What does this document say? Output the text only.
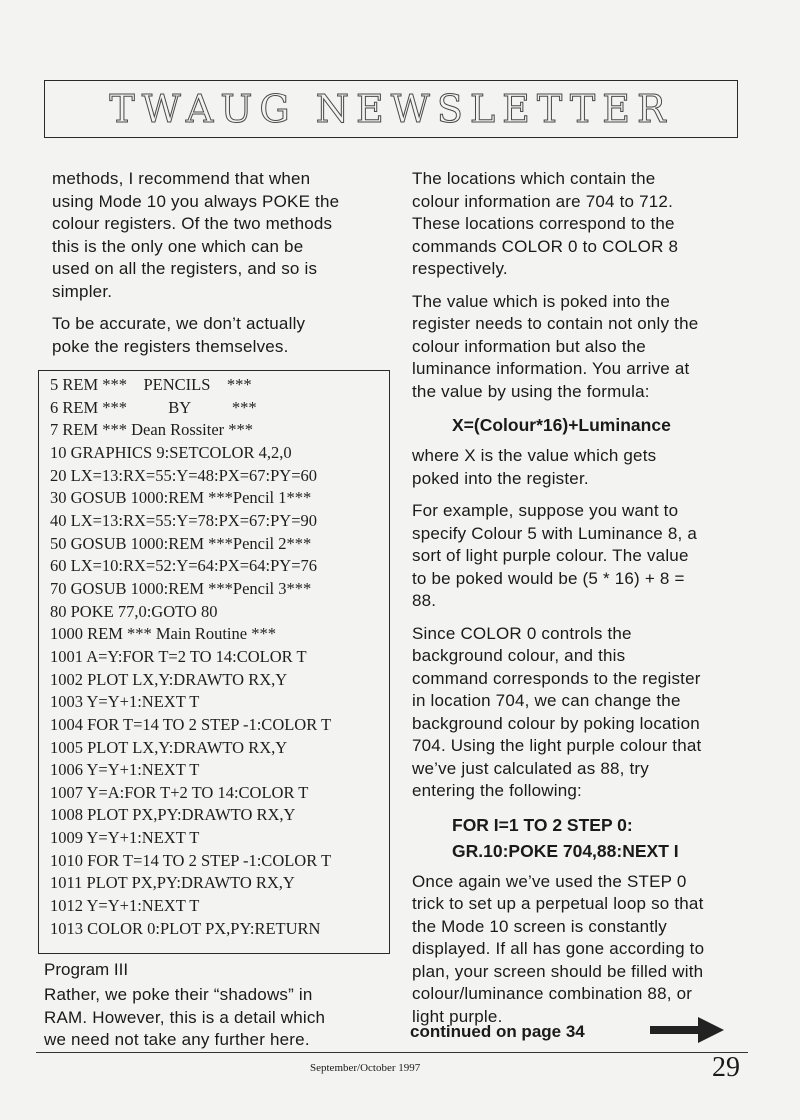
TWAUG NEWSLETTER

methods, I recommend that when
using Mode 10 you always POKE the
colour registers. Of the two methods
this is the only one which can be
used on all the registers, and so is
simpler.

To be accurate, we don’t actually
poke the registers themselves.

5 REM ***    PENCILS    ***
6 REM ***          BY          ***
7 REM *** Dean Rossiter ***
10 GRAPHICS 9:SETCOLOR 4,2,0
20 LX=13:RX=55:Y=48:PX=67:PY=60
30 GOSUB 1000:REM ***Pencil 1***
40 LX=13:RX=55:Y=78:PX=67:PY=90
50 GOSUB 1000:REM ***Pencil 2***
60 LX=10:RX=52:Y=64:PX=64:PY=76
70 GOSUB 1000:REM ***Pencil 3***
80 POKE 77,0:GOTO 80
1000 REM *** Main Routine ***
1001 A=Y:FOR T=2 TO 14:COLOR T
1002 PLOT LX,Y:DRAWTO RX,Y
1003 Y=Y+1:NEXT T
1004 FOR T=14 TO 2 STEP -1:COLOR T
1005 PLOT LX,Y:DRAWTO RX,Y
1006 Y=Y+1:NEXT T
1007 Y=A:FOR T+2 TO 14:COLOR T
1008 PLOT PX,PY:DRAWTO RX,Y
1009 Y=Y+1:NEXT T
1010 FOR T=14 TO 2 STEP -1:COLOR T
1011 PLOT PX,PY:DRAWTO RX,Y
1012 Y=Y+1:NEXT T
1013 COLOR 0:PLOT PX,PY:RETURN
Program III

Rather, we poke their “shadows” in
RAM. However, this is a detail which
we need not take any further here.

The locations which contain the
colour information are 704 to 712.
These locations correspond to the
commands COLOR 0 to COLOR 8
respectively.

The value which is poked into the
register needs to contain not only the
colour information but also the
luminance information. You arrive at
the value by using the formula:

X=(Colour*16)+Luminance

where X is the value which gets
poked into the register.

For example, suppose you want to
specify Colour 5 with Luminance 8, a
sort of light purple colour. The value
to be poked would be (5 * 16) + 8 =
88.

Since COLOR 0 controls the
background colour, and this
command corresponds to the register
in location 704, we can change the
background colour by poking location
704. Using the light purple colour that
we’ve just calculated as 88, try
entering the following:

FOR I=1 TO 2 STEP 0:
GR.10:POKE 704,88:NEXT I

Once again we’ve used the STEP 0
trick to set up a perpetual loop so that
the Mode 10 screen is constantly
displayed. If all has gone according to
plan, your screen should be filled with
colour/luminance combination 88, or
light purple.

continued on page 34
September/October 1997	29
